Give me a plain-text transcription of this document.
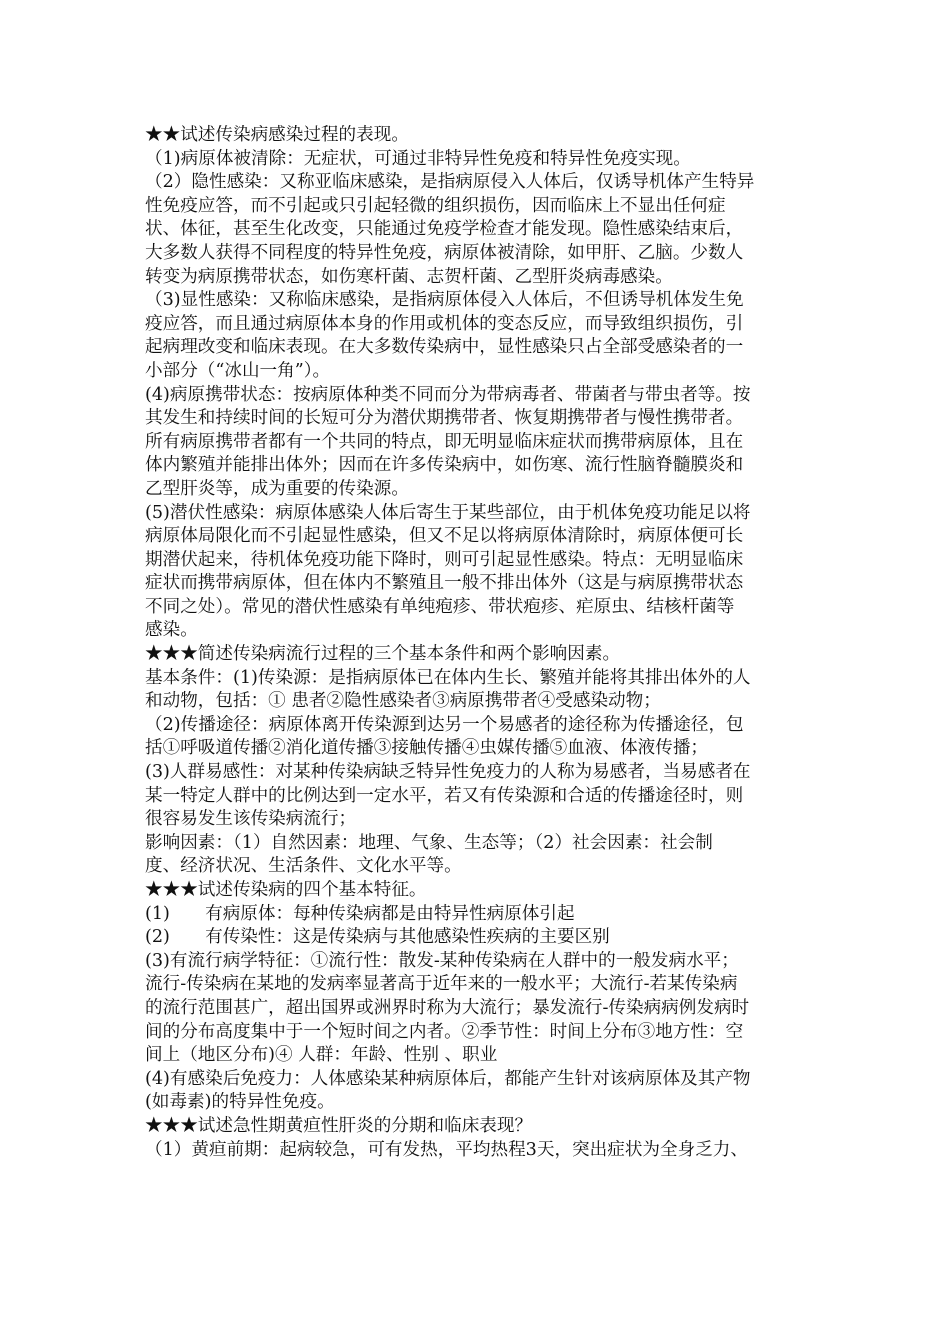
★★试述传染病感染过程的表现。
（1)病原体被清除：无症状，可通过非特异性免疫和特异性免疫实现。
（2）隐性感染：又称亚临床感染，是指病原侵入人体后，仅诱导机体产生特异
性免疫应答，而不引起或只引起轻微的组织损伤，因而临床上不显出任何症
状、体征，甚至生化改变，只能通过免疫学检查才能发现。隐性感染结束后，
大多数人获得不同程度的特异性免疫，病原体被清除，如甲肝、乙脑。少数人
转变为病原携带状态，如伤寒杆菌、志贺杆菌、乙型肝炎病毒感染。
（3)显性感染：又称临床感染，是指病原体侵入人体后，不但诱导机体发生免
疫应答，而且通过病原体本身的作用或机体的变态反应，而导致组织损伤，引
起病理改变和临床表现。在大多数传染病中，显性感染只占全部受感染者的一
小部分（“冰山一角”）。
(4)病原携带状态：按病原体种类不同而分为带病毒者、带菌者与带虫者等。按
其发生和持续时间的长短可分为潜伏期携带者、恢复期携带者与慢性携带者。
所有病原携带者都有一个共同的特点，即无明显临床症状而携带病原体，且在
体内繁殖并能排出体外；因而在许多传染病中，如伤寒、流行性脑脊髓膜炎和
乙型肝炎等，成为重要的传染源。
(5)潜伏性感染：病原体感染人体后寄生于某些部位，由于机体免疫功能足以将
病原体局限化而不引起显性感染，但又不足以将病原体清除时，病原体便可长
期潜伏起来，待机体免疫功能下降时，则可引起显性感染。特点：无明显临床
症状而携带病原体，但在体内不繁殖且一般不排出体外（这是与病原携带状态
不同之处）。常见的潜伏性感染有单纯疱疹、带状疱疹、疟原虫、结核杆菌等
感染。
★★★简述传染病流行过程的三个基本条件和两个影响因素。
基本条件：(1)传染源：是指病原体已在体内生长、繁殖并能将其排出体外的人
和动物，包括：① 患者②隐性感染者③病原携带者④受感染动物；
（2)传播途径：病原体离开传染源到达另一个易感者的途径称为传播途径，包
括①呼吸道传播②消化道传播③接触传播④虫媒传播⑤血液、体液传播；
(3)人群易感性：对某种传染病缺乏特异性免疫力的人称为易感者，当易感者在
某一特定人群中的比例达到一定水平，若又有传染源和合适的传播途径时，则
很容易发生该传染病流行；
影响因素：（1）自然因素：地理、气象、生态等；（2）社会因素：社会制
度、经济状况、生活条件、文化水平等。
★★★试述传染病的四个基本特征。
(1)　　有病原体：每种传染病都是由特异性病原体引起
(2)　　有传染性：这是传染病与其他感染性疾病的主要区别
(3)有流行病学特征：①流行性：散发-某种传染病在人群中的一般发病水平；
流行-传染病在某地的发病率显著高于近年来的一般水平；大流行-若某传染病
的流行范围甚广，超出国界或洲界时称为大流行；暴发流行-传染病病例发病时
间的分布高度集中于一个短时间之内者。②季节性：时间上分布③地方性：空
间上（地区分布)④ 人群：年龄、性别 、职业
(4)有感染后免疫力：人体感染某种病原体后，都能产生针对该病原体及其产物
(如毒素)的特异性免疫。
★★★试述急性期黄疸性肝炎的分期和临床表现？
（1）黄疸前期：起病较急，可有发热，平均热程3天，突出症状为全身乏力、
